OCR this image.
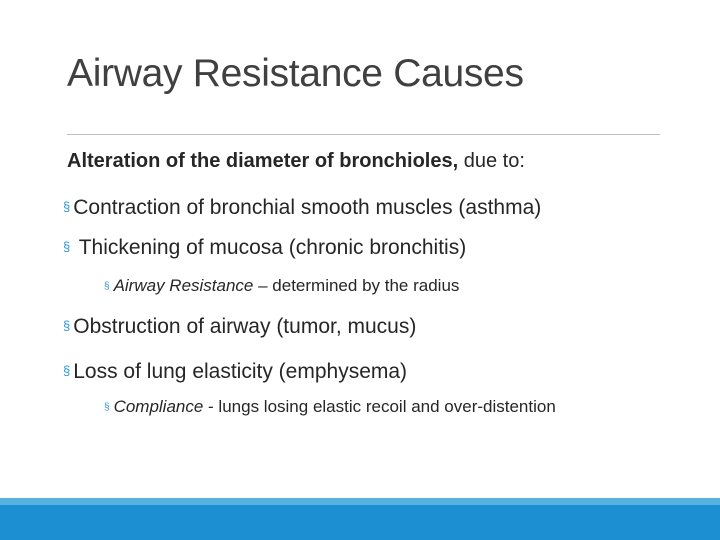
Airway Resistance Causes
Alteration of the diameter of bronchioles, due to:
§ Contraction of bronchial smooth muscles (asthma)
§ Thickening of mucosa (chronic bronchitis)
§ Airway Resistance – determined by the radius
§ Obstruction of airway (tumor, mucus)
§ Loss of lung elasticity (emphysema)
§ Compliance - lungs losing elastic recoil and over-distention
